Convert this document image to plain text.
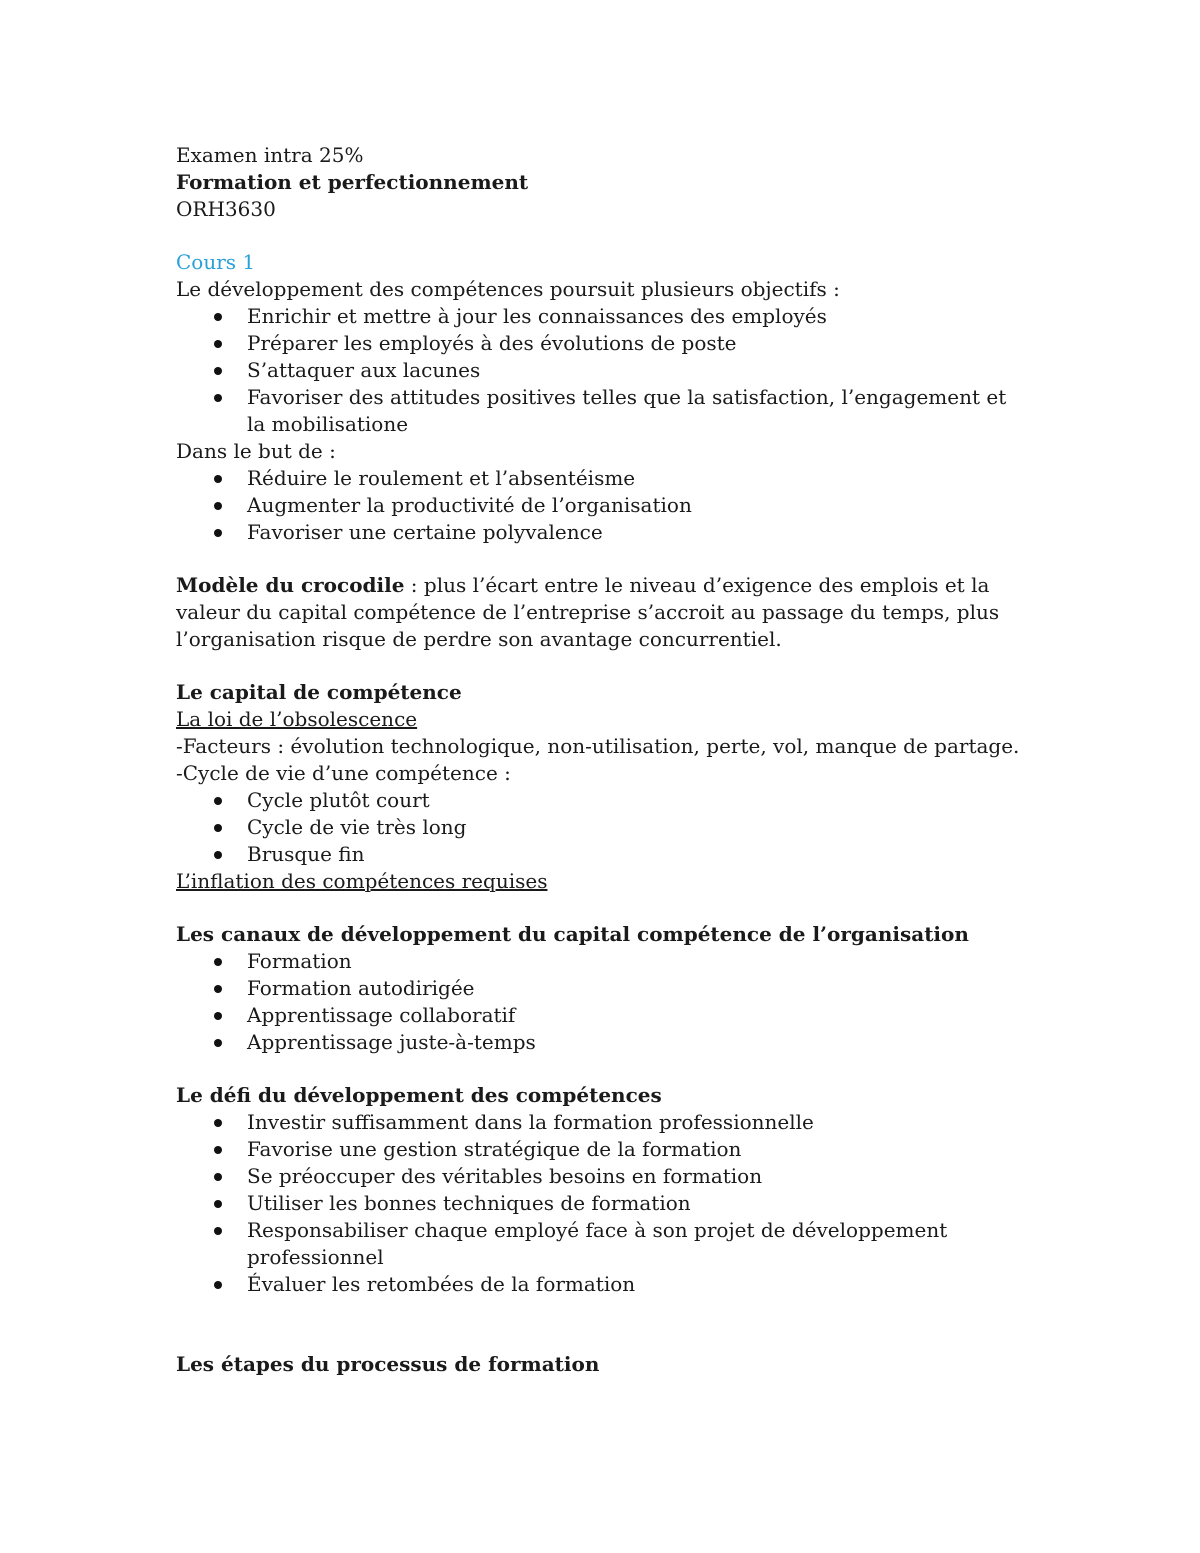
Examen intra 25%
Formation et perfectionnement
ORH3630
Cours 1
Le développement des compétences poursuit plusieurs objectifs :
Enrichir et mettre à jour les connaissances des employés
Préparer les employés à des évolutions de poste
S’attaquer aux lacunes
Favoriser des attitudes positives telles que la satisfaction, l’engagement et la mobilisatione
Dans le but de :
Réduire le roulement et l’absentéisme
Augmenter la productivité de l’organisation
Favoriser une certaine polyvalence
Modèle du crocodile : plus l’écart entre le niveau d’exigence des emplois et la valeur du capital compétence de l’entreprise s’accroit au passage du temps, plus l’organisation risque de perdre son avantage concurrentiel.
Le capital de compétence
La loi de l’obsolescence
-Facteurs : évolution technologique, non-utilisation, perte, vol, manque de partage.
-Cycle de vie d’une compétence :
Cycle plutôt court
Cycle de vie très long
Brusque fin
L’inflation des compétences requises
Les canaux de développement du capital compétence de l’organisation
Formation
Formation autodirigée
Apprentissage collaboratif
Apprentissage juste-à-temps
Le défi du développement des compétences
Investir suffisamment dans la formation professionnelle
Favorise une gestion stratégique de la formation
Se préoccuper des véritables besoins en formation
Utiliser les bonnes techniques de formation
Responsabiliser chaque employé face à son projet de développement professionnel
Évaluer les retombées de la formation
Les étapes du processus de formation
